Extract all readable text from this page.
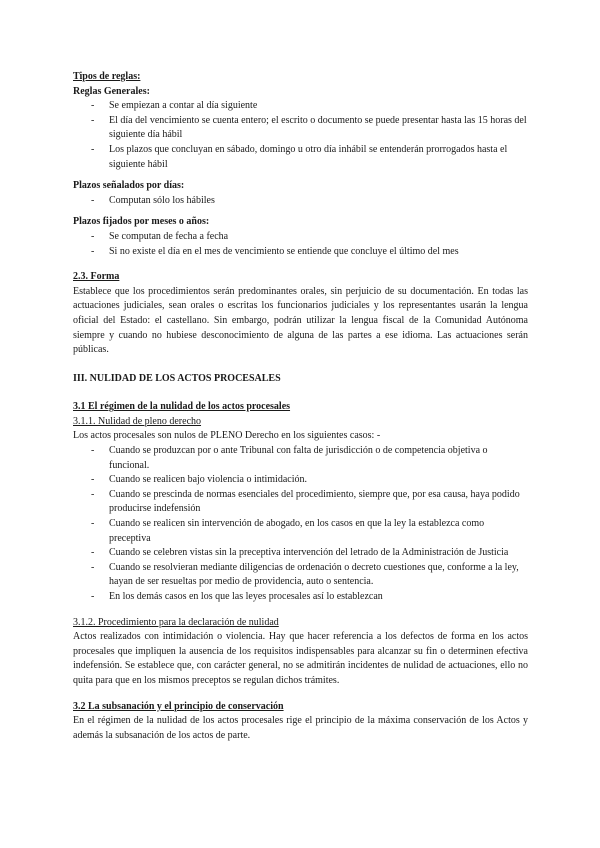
Tipos de reglas:

Reglas Generales:

- Se empiezan a contar al día siguiente
- El día del vencimiento se cuenta entero; el escrito o documento se puede presentar hasta las 15 horas del siguiente día hábil
- Los plazos que concluyan en sábado, domingo u otro día inhábil se entenderán prorrogados hasta el siguiente hábil

Plazos señalados por días:

- Computan sólo los hábiles

Plazos fijados por meses o años:

- Se computan de fecha a fecha
- Si no existe el día en el mes de vencimiento se entiende que concluye el último del mes

2.3. Forma

Establece que los procedimientos serán predominantes orales, sin perjuicio de su documentación. En todas las actuaciones judiciales, sean orales o escritas los funcionarios judiciales y los representantes usarán la lengua oficial del Estado: el castellano. Sin embargo, podrán utilizar la lengua fiscal de la Comunidad Autónoma siempre y cuando no hubiese desconocimiento de alguna de las partes a ese idioma. Las actuaciones serán públicas.

III. NULIDAD DE LOS ACTOS PROCESALES

3.1 El régimen de la nulidad de los actos procesales

3.1.1. Nulidad de pleno derecho

Los actos procesales son nulos de PLENO Derecho en los siguientes casos: -

- Cuando se produzcan por o ante Tribunal con falta de jurisdicción o de competencia objetiva o funcional.
- Cuando se realicen bajo violencia o intimidación.
- Cuando se prescinda de normas esenciales del procedimiento, siempre que, por esa causa, haya podido producirse indefensión
- Cuando se realicen sin intervención de abogado, en los casos en que la ley la establezca como preceptiva
- Cuando se celebren vistas sin la preceptiva intervención del letrado de la Administración de Justicia
- Cuando se resolvieran mediante diligencias de ordenación o decreto cuestiones que, conforme a la ley, hayan de ser resueltas por medio de providencia, auto o sentencia.
- En los demás casos en los que las leyes procesales así lo establezcan

3.1.2. Procedimiento para la declaración de nulidad

Actos realizados con intimidación o violencia. Hay que hacer referencia a los defectos de forma en los actos procesales que impliquen la ausencia de los requisitos indispensables para alcanzar su fin o determinen efectiva indefensión. Se establece que, con carácter general, no se admitirán incidentes de nulidad de actuaciones, ello no quita para que en los mismos preceptos se regulan dichos trámites.

3.2 La subsanación y el principio de conservación

En el régimen de la nulidad de los actos procesales rige el principio de la máxima conservación de los Actos y además la subsanación de los actos de parte.
